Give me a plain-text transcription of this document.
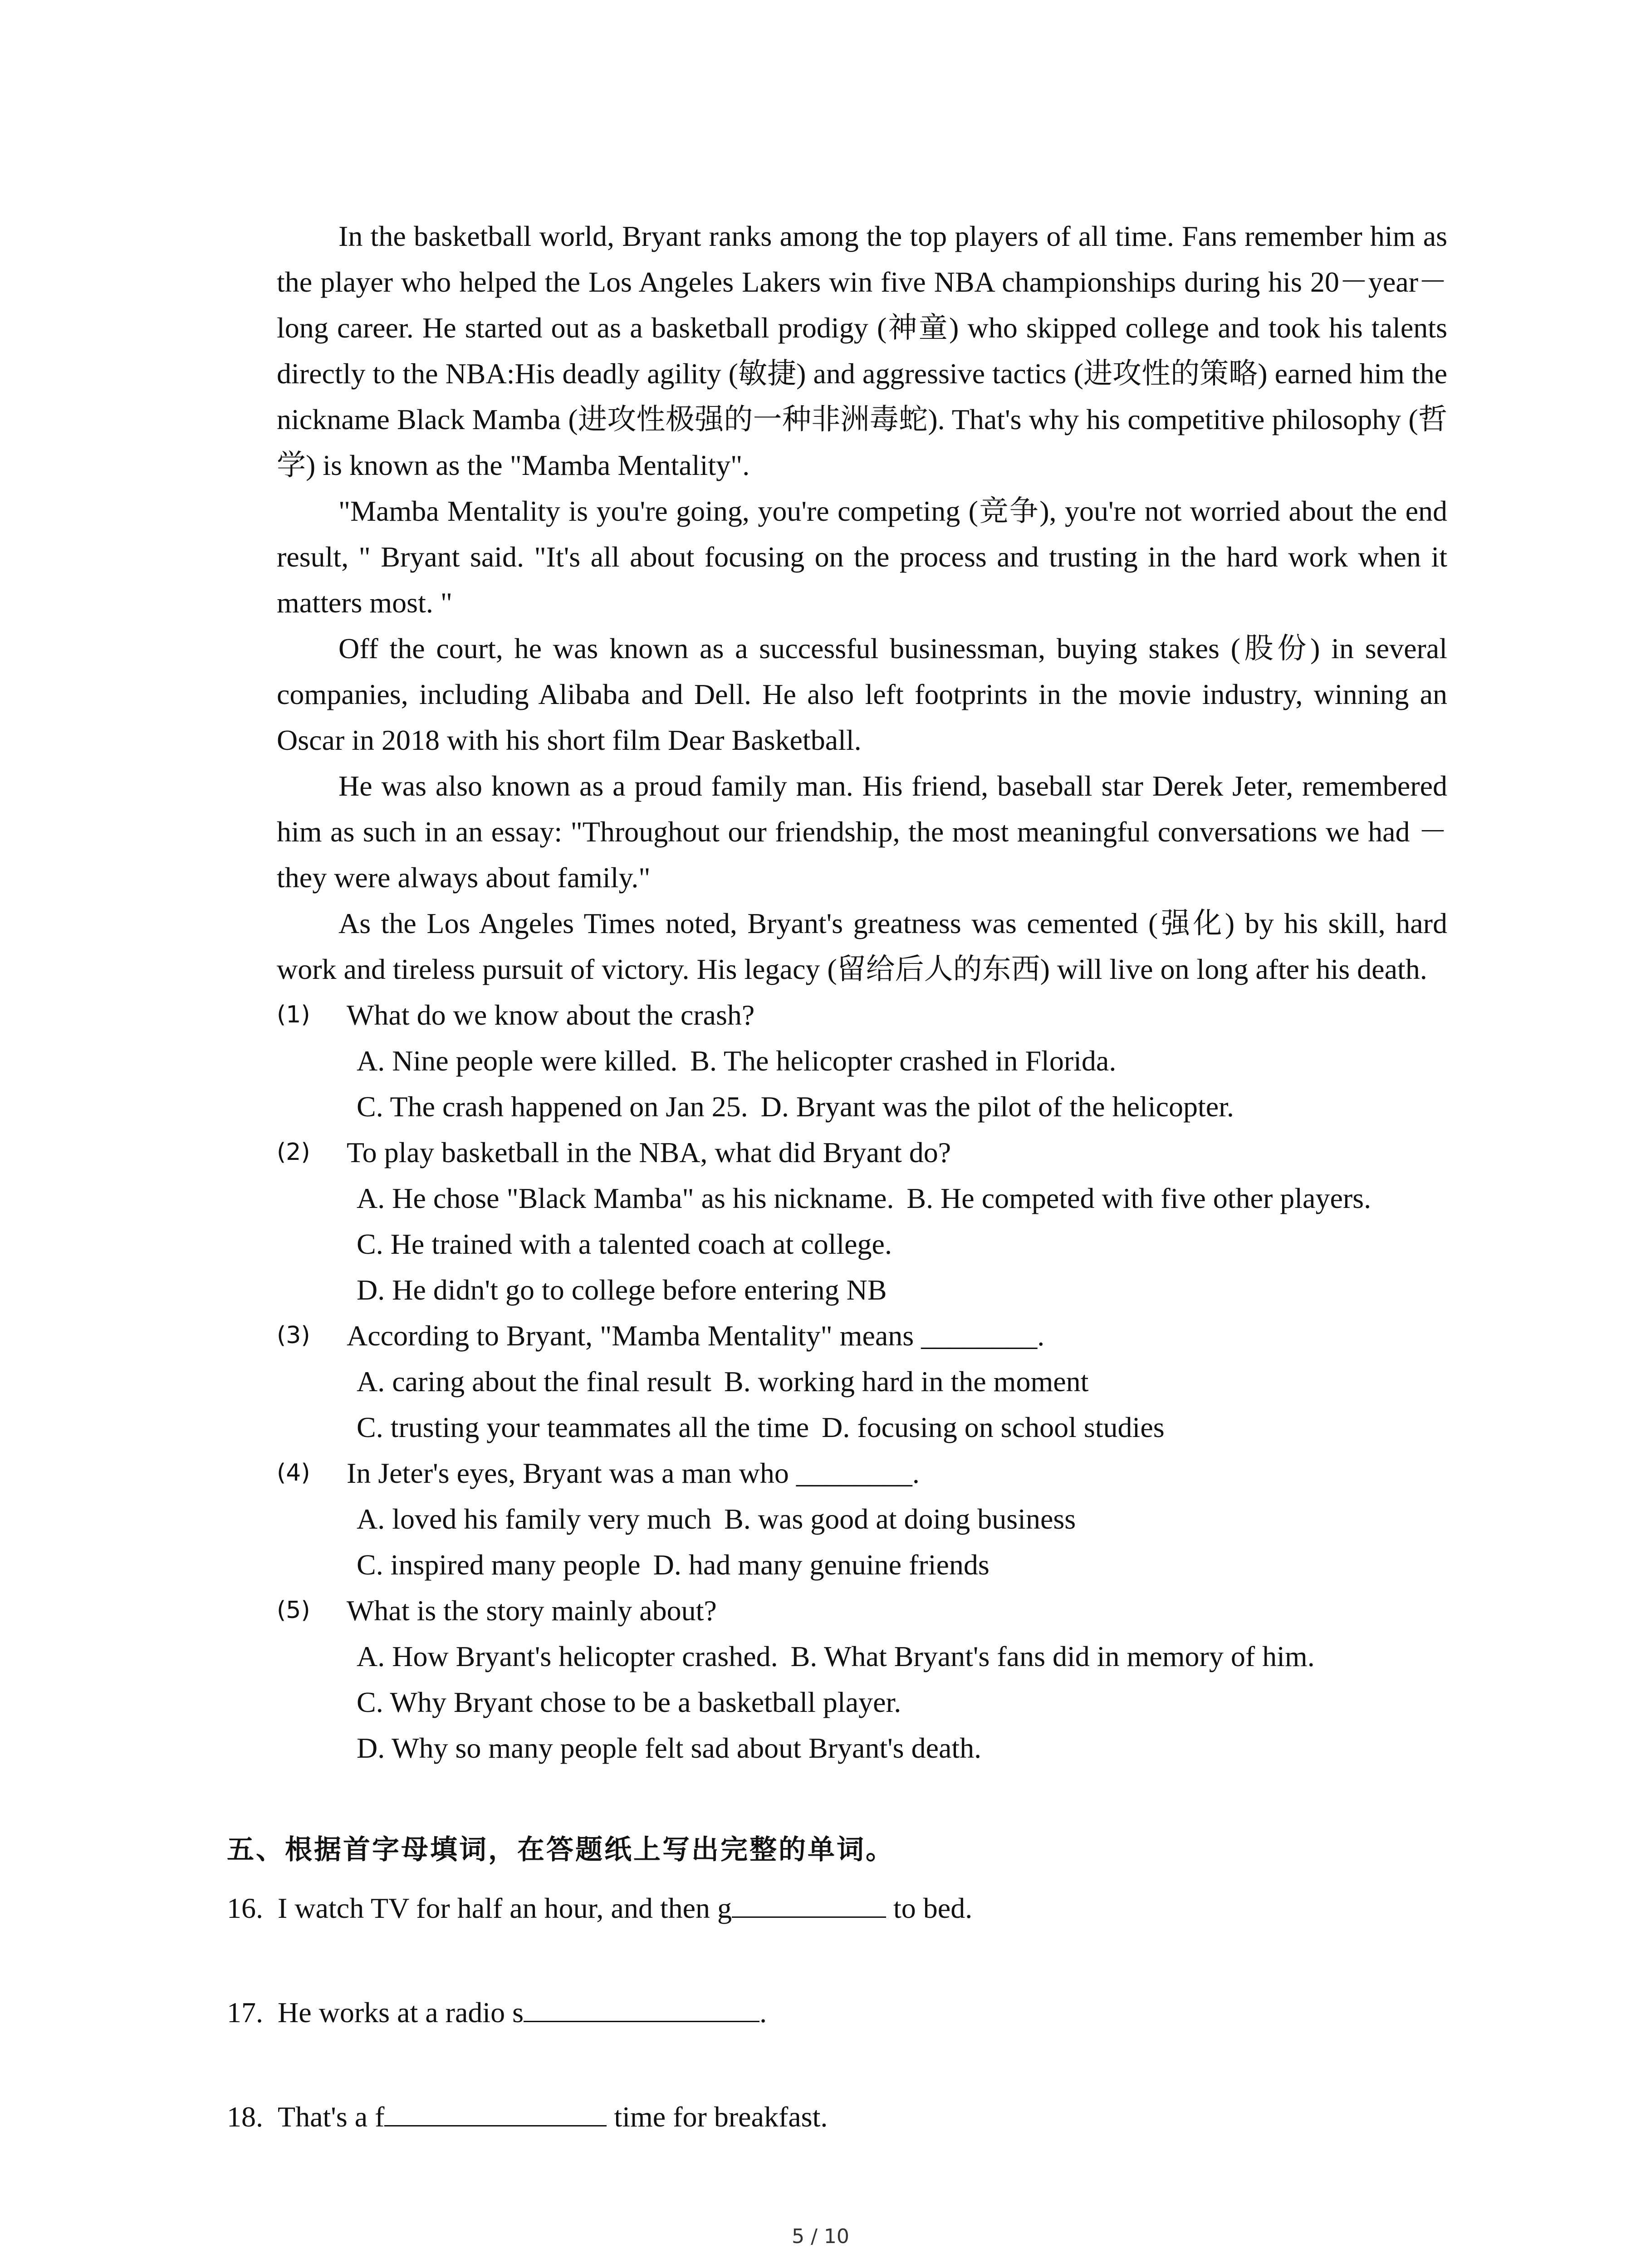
In the basketball world, Bryant ranks among the top players of all time. Fans remember him as the player who helped the Los Angeles Lakers win five NBA championships during his 20－year－long career. He started out as a basketball prodigy (神童) who skipped college and took his talents directly to the NBA:His deadly agility (敏捷) and aggressive tactics (进攻性的策略) earned him the nickname Black Mamba (进攻性极强的一种非洲毒蛇). That's why his competitive philosophy (哲学) is known as the "Mamba Mentality".

"Mamba Mentality is you're going, you're competing (竞争), you're not worried about the end result, " Bryant said. "It's all about focusing on the process and trusting in the hard work when it matters most. "

Off the court, he was known as a successful businessman, buying stakes (股份) in several companies, including Alibaba and Dell. He also left footprints in the movie industry, winning an Oscar in 2018 with his short film Dear Basketball.

He was also known as a proud family man. His friend, baseball star Derek Jeter, remembered him as such in an essay: "Throughout our friendship, the most meaningful conversations we had － they were always about family."

As the Los Angeles Times noted, Bryant's greatness was cemented (强化) by his skill, hard work and tireless pursuit of victory. His legacy (留给后人的东西) will live on long after his death.

(1) What do we know about the crash?

A. Nine people were killed. B. The helicopter crashed in Florida.

C. The crash happened on Jan 25. D. Bryant was the pilot of the helicopter.

(2) To play basketball in the NBA, what did Bryant do?

A. He chose "Black Mamba" as his nickname. B. He competed with five other players.

C. He trained with a talented coach at college.

D. He didn't go to college before entering NB

(3) According to Bryant, "Mamba Mentality" means ________.

A. caring about the final result B. working hard in the moment

C. trusting your teammates all the time D. focusing on school studies

(4) In Jeter's eyes, Bryant was a man who ________.

A. loved his family very much B. was good at doing business

C. inspired many people D. had many genuine friends

(5) What is the story mainly about?

A. How Bryant's helicopter crashed. B. What Bryant's fans did in memory of him.

C. Why Bryant chose to be a basketball player.

D. Why so many people felt sad about Bryant's death.

五、根据首字母填词，在答题纸上写出完整的单词。
16. I watch TV for half an hour, and then g	to bed.
17. He works at a radio s	.
18. That's a f	time for breakfast.
5 / 10
